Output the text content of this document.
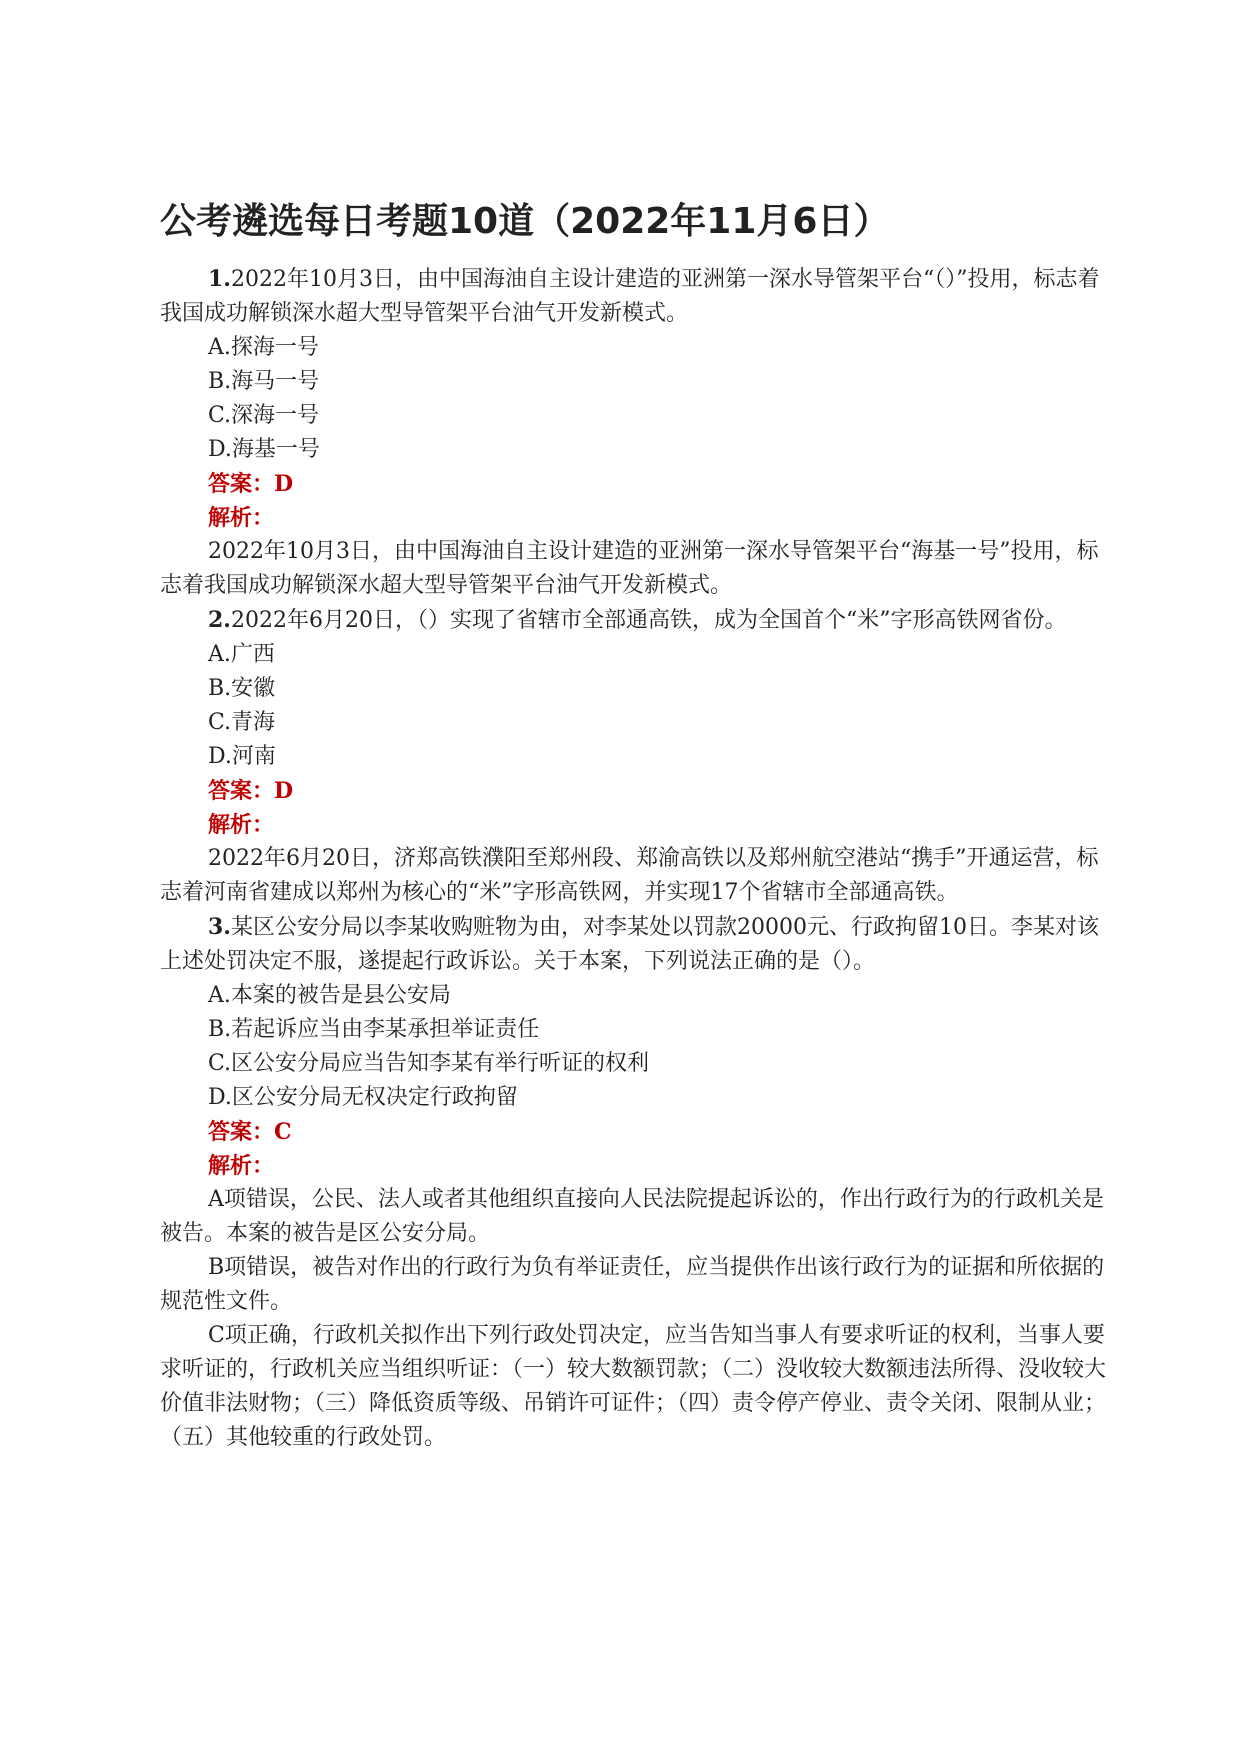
公考遴选每日考题10道（2022年11月6日）

1.2022年10月3日，由中国海油自主设计建造的亚洲第一深水导管架平台“（）”投用，标志着我国成功解锁深水超大型导管架平台油气开发新模式。

A.探海一号
B.海马一号
C.深海一号
D.海基一号
答案：D
解析：

2022年10月3日，由中国海油自主设计建造的亚洲第一深水导管架平台“海基一号”投用，标志着我国成功解锁深水超大型导管架平台油气开发新模式。

2.2022年6月20日，（）实现了省辖市全部通高铁，成为全国首个“米”字形高铁网省份。

A.广西
B.安徽
C.青海
D.河南
答案：D
解析：

2022年6月20日，济郑高铁濮阳至郑州段、郑渝高铁以及郑州航空港站“携手”开通运营，标志着河南省建成以郑州为核心的“米”字形高铁网，并实现17个省辖市全部通高铁。

3.某区公安分局以李某收购赃物为由，对李某处以罚款20000元、行政拘留10日。李某对该上述处罚决定不服，遂提起行政诉讼。关于本案，下列说法正确的是（）。

A.本案的被告是县公安局
B.若起诉应当由李某承担举证责任
C.区公安分局应当告知李某有举行听证的权利
D.区公安分局无权决定行政拘留
答案：C
解析：

A项错误，公民、法人或者其他组织直接向人民法院提起诉讼的，作出行政行为的行政机关是被告。本案的被告是区公安分局。

B项错误，被告对作出的行政行为负有举证责任，应当提供作出该行政行为的证据和所依据的规范性文件。

C项正确，行政机关拟作出下列行政处罚决定，应当告知当事人有要求听证的权利，当事人要求听证的，行政机关应当组织听证：（一）较大数额罚款；（二）没收较大数额违法所得、没收较大价值非法财物；（三）降低资质等级、吊销许可证件；（四）责令停产停业、责令关闭、限制从业；（五）其他较重的行政处罚。
